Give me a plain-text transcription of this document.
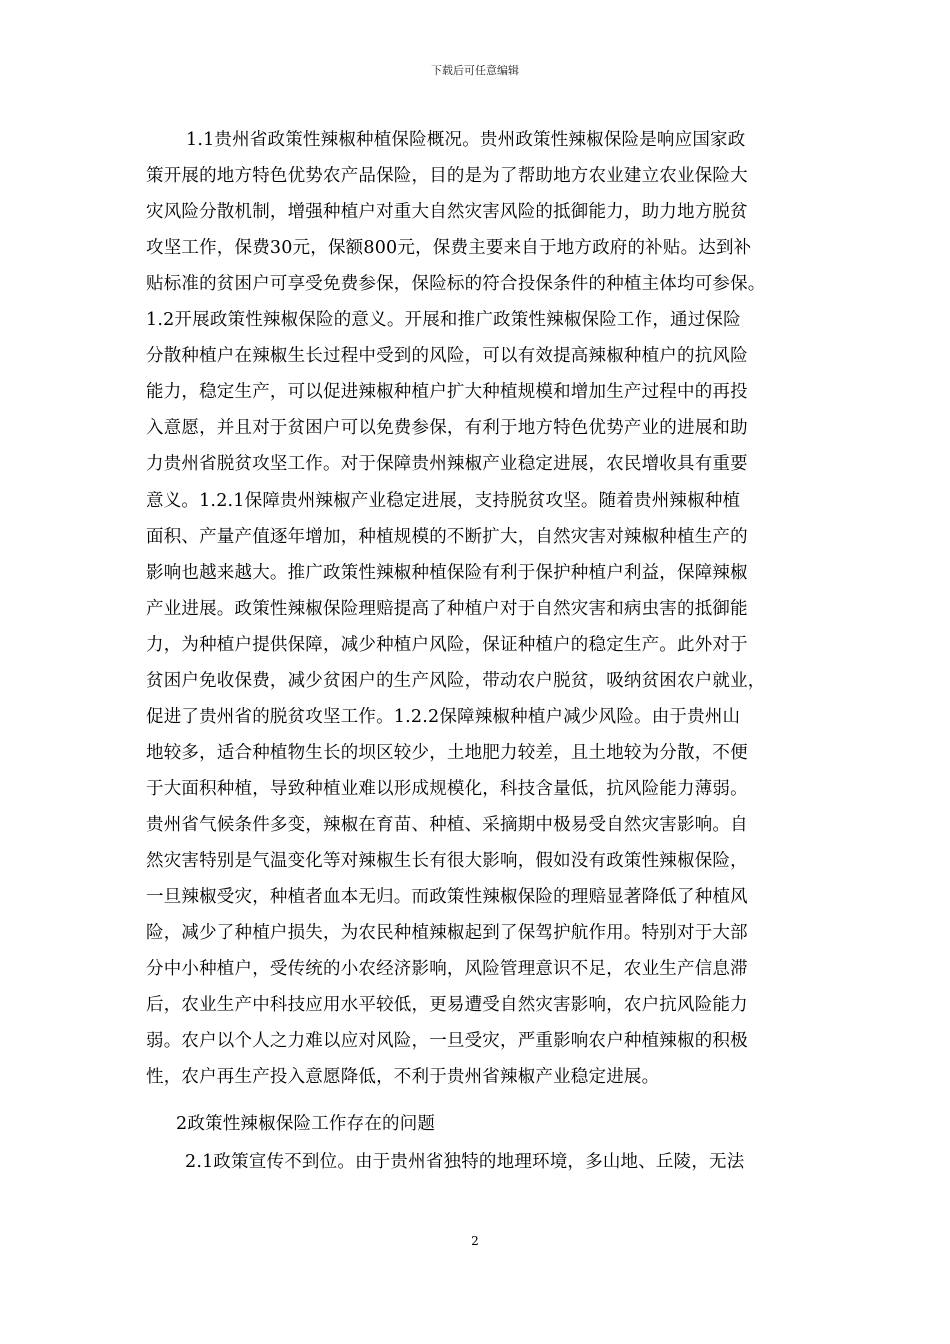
下载后可任意编辑
1.1贵州省政策性辣椒种植保险概况。贵州政策性辣椒保险是响应国家政
策开展的地方特色优势农产品保险，目的是为了帮助地方农业建立农业保险大
灾风险分散机制，增强种植户对重大自然灾害风险的抵御能力，助力地方脱贫
攻坚工作，保费30元，保额800元，保费主要来自于地方政府的补贴。达到补
贴标准的贫困户可享受免费参保，保险标的符合投保条件的种植主体均可参保。
1.2开展政策性辣椒保险的意义。开展和推广政策性辣椒保险工作，通过保险
分散种植户在辣椒生长过程中受到的风险，可以有效提高辣椒种植户的抗风险
能力，稳定生产，可以促进辣椒种植户扩大种植规模和增加生产过程中的再投
入意愿，并且对于贫困户可以免费参保，有利于地方特色优势产业的进展和助
力贵州省脱贫攻坚工作。对于保障贵州辣椒产业稳定进展，农民增收具有重要
意义。1.2.1保障贵州辣椒产业稳定进展，支持脱贫攻坚。随着贵州辣椒种植
面积、产量产值逐年增加，种植规模的不断扩大，自然灾害对辣椒种植生产的
影响也越来越大。推广政策性辣椒种植保险有利于保护种植户利益，保障辣椒
产业进展。政策性辣椒保险理赔提高了种植户对于自然灾害和病虫害的抵御能
力，为种植户提供保障，减少种植户风险，保证种植户的稳定生产。此外对于
贫困户免收保费，减少贫困户的生产风险，带动农户脱贫，吸纳贫困农户就业，
促进了贵州省的脱贫攻坚工作。1.2.2保障辣椒种植户减少风险。由于贵州山
地较多，适合种植物生长的坝区较少，土地肥力较差，且土地较为分散，不便
于大面积种植，导致种植业难以形成规模化，科技含量低，抗风险能力薄弱。
贵州省气候条件多变，辣椒在育苗、种植、采摘期中极易受自然灾害影响。自
然灾害特别是气温变化等对辣椒生长有很大影响，假如没有政策性辣椒保险，
一旦辣椒受灾，种植者血本无归。而政策性辣椒保险的理赔显著降低了种植风
险，减少了种植户损失，为农民种植辣椒起到了保驾护航作用。特别对于大部
分中小种植户，受传统的小农经济影响，风险管理意识不足，农业生产信息滞
后，农业生产中科技应用水平较低，更易遭受自然灾害影响，农户抗风险能力
弱。农户以个人之力难以应对风险，一旦受灾，严重影响农户种植辣椒的积极
性，农户再生产投入意愿降低，不利于贵州省辣椒产业稳定进展。
2政策性辣椒保险工作存在的问题
2.1政策宣传不到位。由于贵州省独特的地理环境，多山地、丘陵，无法
2
